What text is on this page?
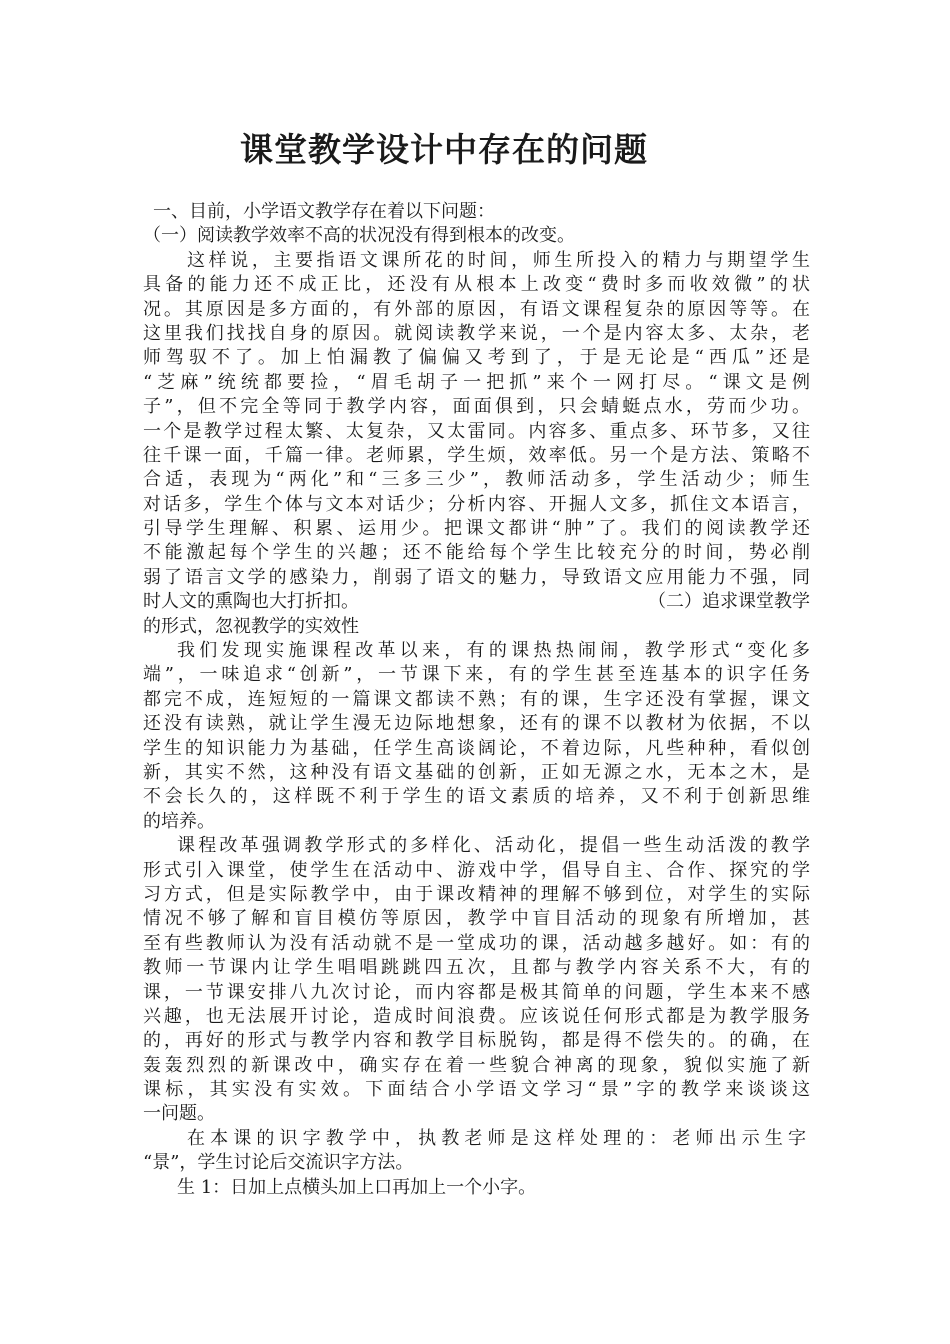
课堂教学设计中存在的问题
一、目前，小学语文教学存在着以下问题：
（一）阅读教学效率不高的状况没有得到根本的改变。
这样说，主要指语文课所花的时间，师生所投入的精力与期望学生
具备的能力还不成正比，还没有从根本上改变“费时多而收效微”的状
况。其原因是多方面的，有外部的原因，有语文课程复杂的原因等等。在
这里我们找找自身的原因。就阅读教学来说，一个是内容太多、太杂，老
师驾驭不了。加上怕漏教了偏偏又考到了，于是无论是“西瓜”还是
“芝麻”统统都要捡，“眉毛胡子一把抓”来个一网打尽。“课文是例
子”，但不完全等同于教学内容，面面俱到，只会蜻蜓点水，劳而少功。
一个是教学过程太繁、太复杂，又太雷同。内容多、重点多、环节多，又往
往千课一面，千篇一律。老师累，学生烦，效率低。另一个是方法、策略不
合适，表现为“两化”和“三多三少”，教师活动多，学生活动少；师生
对话多，学生个体与文本对话少；分析内容、开掘人文多，抓住文本语言，
引导学生理解、积累、运用少。把课文都讲“肿”了。我们的阅读教学还
不能激起每个学生的兴趣；还不能给每个学生比较充分的时间，势必削
弱了语言文学的感染力，削弱了语文的魅力，导致语文应用能力不强，同
时人文的熏陶也大打折扣。	（二）追求课堂教学
的形式，忽视教学的实效性
我们发现实施课程改革以来，有的课热热闹闹，教学形式“变化多
端”，一味追求“创新”，一节课下来，有的学生甚至连基本的识字任务
都完不成，连短短的一篇课文都读不熟；有的课，生字还没有掌握，课文
还没有读熟，就让学生漫无边际地想象，还有的课不以教材为依据，不以
学生的知识能力为基础，任学生高谈阔论，不着边际，凡些种种，看似创
新，其实不然，这种没有语文基础的创新，正如无源之水，无本之木，是
不会长久的，这样既不利于学生的语文素质的培养，又不利于创新思维
的培养。
课程改革强调教学形式的多样化、活动化，提倡一些生动活泼的教学
形式引入课堂，使学生在活动中、游戏中学，倡导自主、合作、探究的学
习方式，但是实际教学中，由于课改精神的理解不够到位，对学生的实际
情况不够了解和盲目模仿等原因，教学中盲目活动的现象有所增加，甚
至有些教师认为没有活动就不是一堂成功的课，活动越多越好。如：有的
教师一节课内让学生唱唱跳跳四五次，且都与教学内容关系不大，有的
课，一节课安排八九次讨论，而内容都是极其简单的问题，学生本来不感
兴趣，也无法展开讨论，造成时间浪费。应该说任何形式都是为教学服务
的，再好的形式与教学内容和教学目标脱钩，都是得不偿失的。的确，在
轰轰烈烈的新课改中，确实存在着一些貌合神离的现象，貌似实施了新
课标，其实没有实效。下面结合小学语文学习“景”字的教学来谈谈这
一问题。
在本课的识字教学中，执教老师是这样处理的：老师出示生字
“景”，学生讨论后交流识字方法。
生 1：日加上点横头加上口再加上一个小字。
